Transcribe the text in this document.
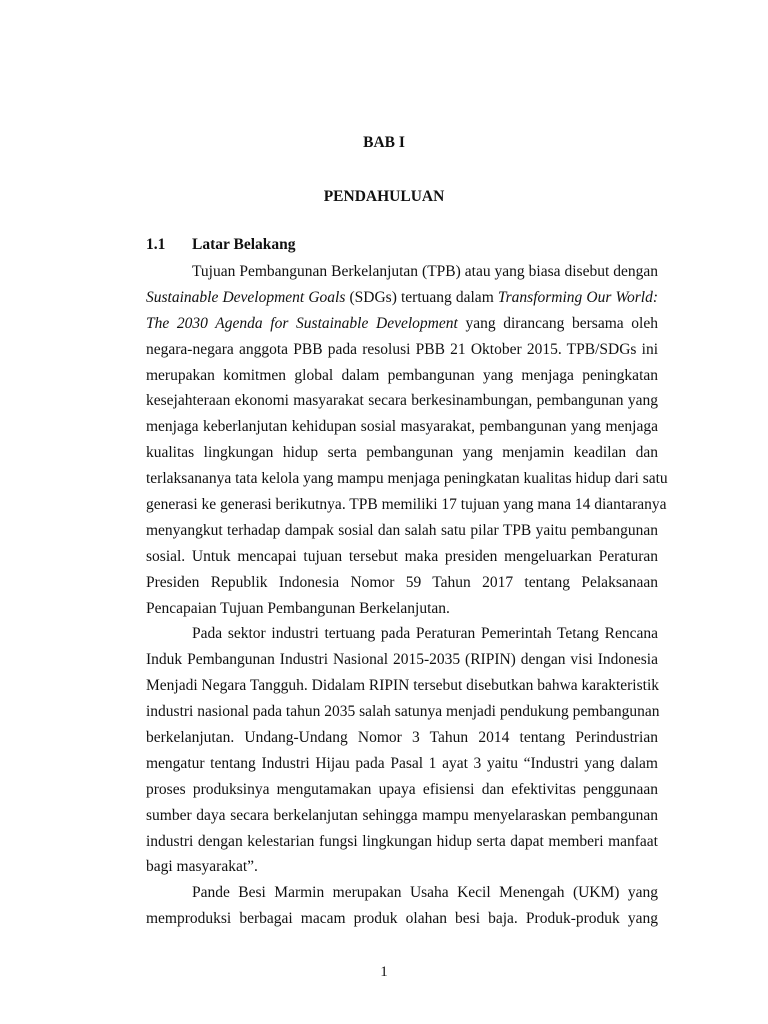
BAB I

PENDAHULUAN

1.1 Latar Belakang

Tujuan Pembangunan Berkelanjutan (TPB) atau yang biasa disebut dengan

Sustainable Development Goals (SDGs) tertuang dalam Transforming Our World:

The 2030 Agenda for Sustainable Development yang dirancang bersama oleh

negara-negara anggota PBB pada resolusi PBB 21 Oktober 2015. TPB/SDGs ini

merupakan komitmen global dalam pembangunan yang menjaga peningkatan

kesejahteraan ekonomi masyarakat secara berkesinambungan, pembangunan yang

menjaga keberlanjutan kehidupan sosial masyarakat, pembangunan yang menjaga

kualitas lingkungan hidup serta pembangunan yang menjamin keadilan dan

terlaksananya tata kelola yang mampu menjaga peningkatan kualitas hidup dari satu

generasi ke generasi berikutnya. TPB memiliki 17 tujuan yang mana 14 diantaranya

menyangkut terhadap dampak sosial dan salah satu pilar TPB yaitu pembangunan

sosial. Untuk mencapai tujuan tersebut maka presiden mengeluarkan Peraturan

Presiden Republik Indonesia Nomor 59 Tahun 2017 tentang Pelaksanaan

Pencapaian Tujuan Pembangunan Berkelanjutan.

Pada sektor industri tertuang pada Peraturan Pemerintah Tetang Rencana

Induk Pembangunan Industri Nasional 2015-2035 (RIPIN) dengan visi Indonesia

Menjadi Negara Tangguh. Didalam RIPIN tersebut disebutkan bahwa karakteristik

industri nasional pada tahun 2035 salah satunya menjadi pendukung pembangunan

berkelanjutan. Undang-Undang Nomor 3 Tahun 2014 tentang Perindustrian

mengatur tentang Industri Hijau pada Pasal 1 ayat 3 yaitu “Industri yang dalam

proses produksinya mengutamakan upaya efisiensi dan efektivitas penggunaan

sumber daya secara berkelanjutan sehingga mampu menyelaraskan pembangunan

industri dengan kelestarian fungsi lingkungan hidup serta dapat memberi manfaat

bagi masyarakat”.

Pande Besi Marmin merupakan Usaha Kecil Menengah (UKM) yang

memproduksi berbagai macam produk olahan besi baja. Produk-produk yang

1
